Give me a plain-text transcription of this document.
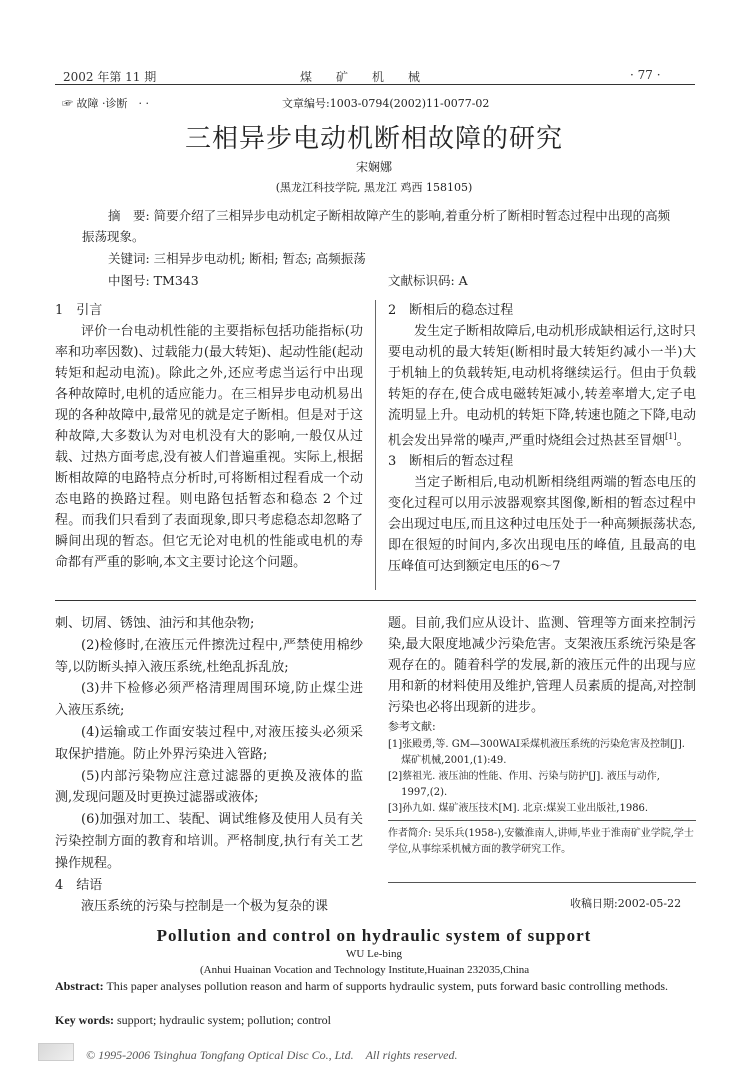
2002 年第 11 期	煤　　矿　　机　　械	· 77 ·
☞ 故障 ·诊断　· ·	文章编号:1003-0794(2002)11-0077-02
三相异步电动机断相故障的研究
宋娴娜
(黑龙江科技学院, 黑龙江 鸡西 158105)
摘　要: 简要介绍了三相异步电动机定子断相故障产生的影响,着重分析了断相时暂态过程中出现的高频振荡现象。
关键词: 三相异步电动机; 断相; 暂态; 高频振荡
中图号: TM343	文献标识码: A

1　引言

评价一台电动机性能的主要指标包括功能指标(功率和功率因数)、过载能力(最大转矩)、起动性能(起动转矩和起动电流)。除此之外,还应考虑当运行中出现各种故障时,电机的适应能力。在三相异步电动机易出现的各种故障中,最常见的就是定子断相。但是对于这种故障,大多数认为对电机没有大的影响,一般仅从过载、过热方面考虑,没有被人们普遍重视。实际上,根据断相故障的电路特点分析时,可将断相过程看成一个动态电路的换路过程。则电路包括暂态和稳态 2 个过程。而我们只看到了表面现象,即只考虑稳态却忽略了瞬间出现的暂态。但它无论对电机的性能或电机的寿命都有严重的影响,本文主要讨论这个问题。

2　断相后的稳态过程

发生定子断相故障后,电动机形成缺相运行,这时只要电动机的最大转矩(断相时最大转矩约减小一半)大于机轴上的负载转矩,电动机将继续运行。但由于负载转矩的存在,使合成电磁转矩减小,转差率增大,定子电流明显上升。电动机的转矩下降,转速也随之下降,电动机会发出异常的噪声,严重时烧组会过热甚至冒烟[1]。

3　断相后的暂态过程

当定子断相后,电动机断相绕组两端的暂态电压的变化过程可以用示波器观察其图像,断相的暂态过程中会出现过电压,而且这种过电压处于一种高频振荡状态,即在很短的时间内,多次出现电压的峰值, 且最高的电压峰值可达到额定电压的6～7

刺、切屑、锈蚀、油污和其他杂物;

(2)检修时,在液压元件擦洗过程中,严禁使用棉纱等,以防断头掉入液压系统,杜绝乱拆乱放;

(3)井下检修必须严格清理周围环境,防止煤尘进入液压系统;

(4)运输或工作面安装过程中,对液压接头必须采取保护措施。防止外界污染进入管路;

(5)内部污染物应注意过滤器的更换及液体的监测,发现问题及时更换过滤器或液体;

(6)加强对加工、装配、调试维修及使用人员有关污染控制方面的教育和培训。严格制度,执行有关工艺操作规程。

4　结语

液压系统的污染与控制是一个极为复杂的课

题。目前,我们应从设计、监测、管理等方面来控制污染,最大限度地减少污染危害。支架液压系统污染是客观存在的。随着科学的发展,新的液压元件的出现与应用和新的材料使用及维护,管理人员素质的提高,对控制污染也必将出现新的进步。

参考文献:

[1]张殿勇,等. GM—300WAI采煤机液压系统的污染危害及控制[J].

　 煤矿机械,2001,(1):49.

[2]蔡祖光. 液压油的性能、作用、污染与防护[J]. 液压与动作,

　 1997,(2).

[3]孙九如. 煤矿液压技术[M]. 北京:煤炭工业出版社,1986.

作者简介: 吴乐兵(1958-),安徽淮南人,讲师,毕业于淮南矿业学院,学士学位,从事综采机械方面的教学研究工作。
收稿日期:2002-05-22
Pollution and control on hydraulic system of support
WU Le-bing
(Anhui Huainan Vocation and Technology Institute,Huainan 232035,China
Abstract: This paper analyses pollution reason and harm of supports hydraulic system, puts forward basic controlling methods.
Key words: support; hydraulic system; pollution; control
© 1995-2006 Tsinghua Tongfang Optical Disc Co., Ltd.　All rights reserved.
